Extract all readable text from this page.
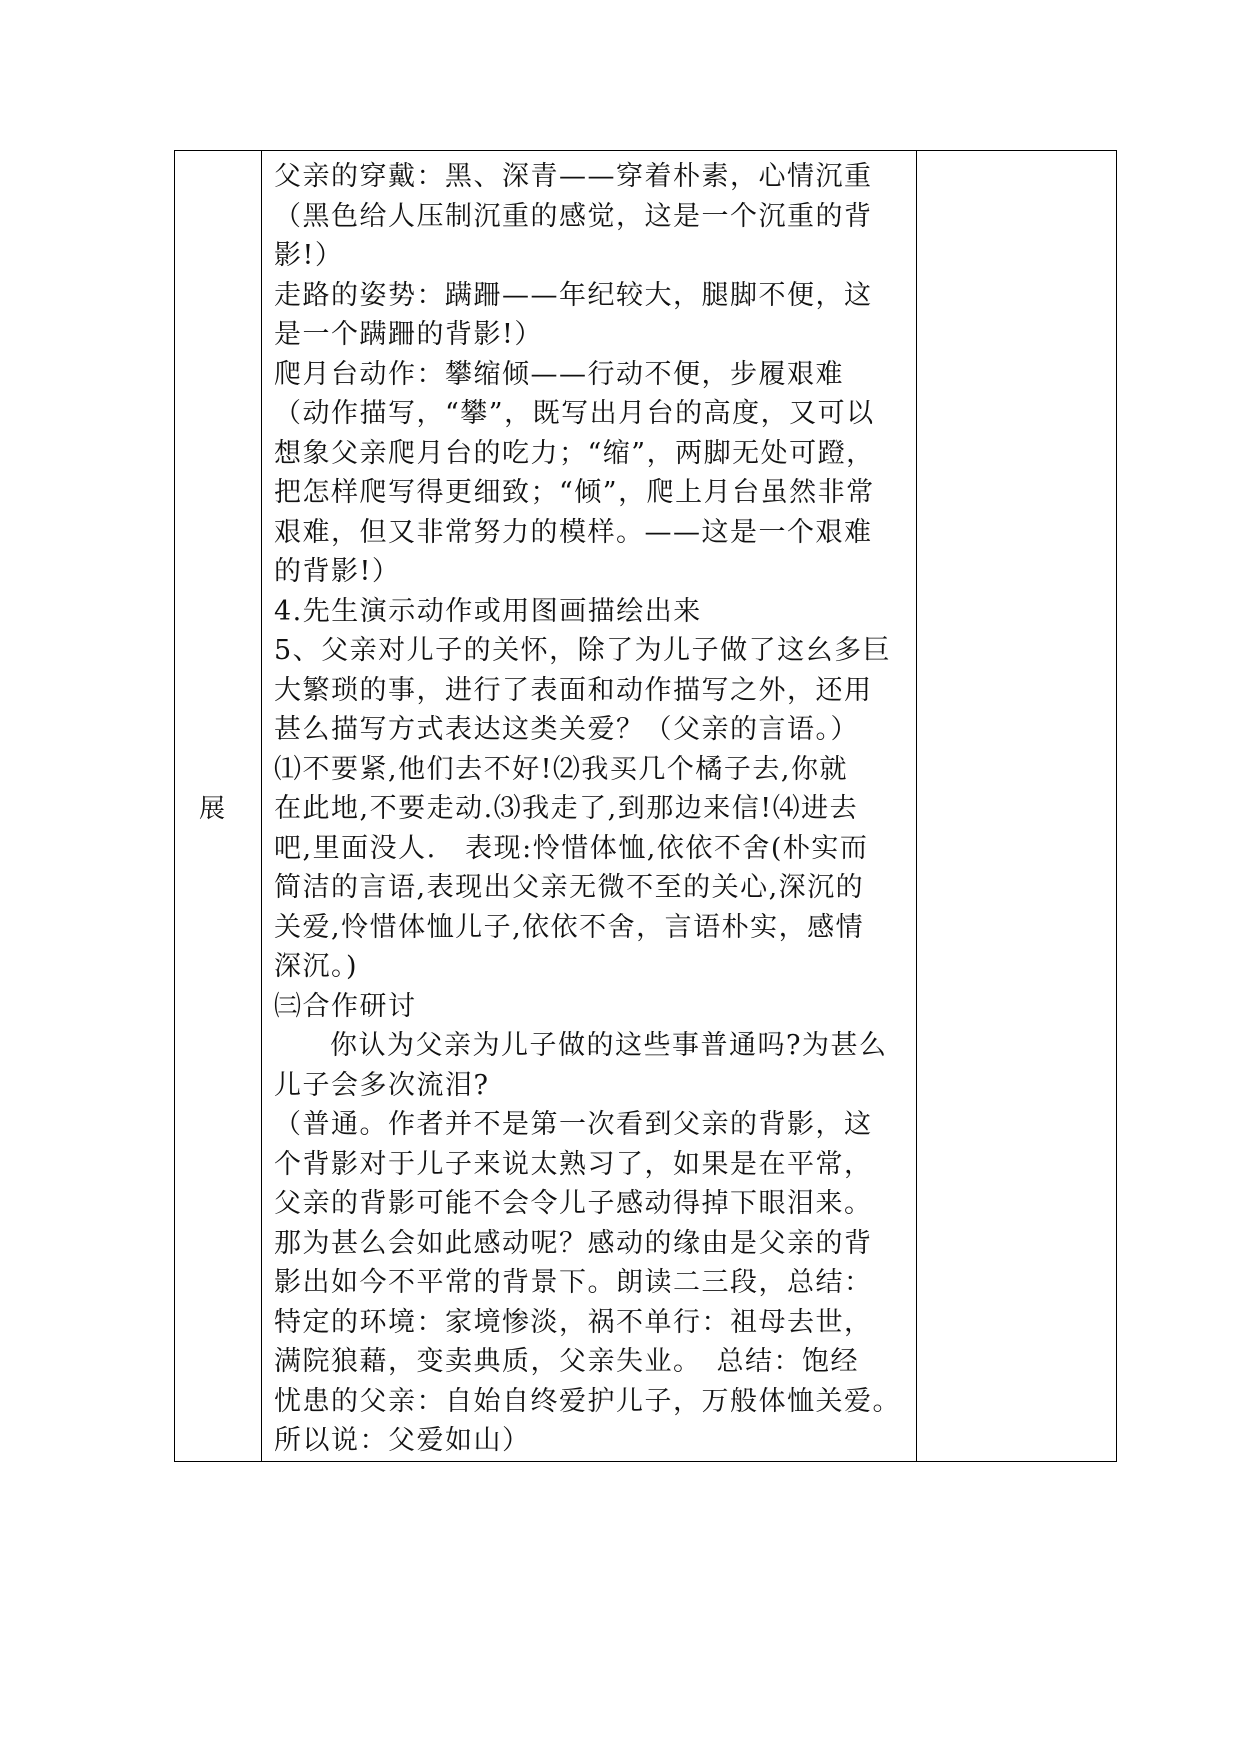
展

父亲的穿戴：黑、深青——穿着朴素，心情沉重
（黑色给人压制沉重的感觉，这是一个沉重的背
影!）
走路的姿势：蹒跚——年纪较大，腿脚不便，这
是一个蹒跚的背影!）
爬月台动作：攀缩倾——行动不便，步履艰难
（动作描写，“攀”，既写出月台的高度，又可以
想象父亲爬月台的吃力；“缩”，两脚无处可蹬，
把怎样爬写得更细致；“倾”，爬上月台虽然非常
艰难，但又非常努力的模样。——这是一个艰难
的背影!）
4.先生演示动作或用图画描绘出来
5、父亲对儿子的关怀，除了为儿子做了这幺多巨
大繁琐的事，进行了表面和动作描写之外，还用
甚么描写方式表达这类关爱？（父亲的言语。）
⑴不要紧,他们去不好!⑵我买几个橘子去,你就
在此地,不要走动.⑶我走了,到那边来信!⑷进去
吧,里面没人.　表现:怜惜体恤,依依不舍(朴实而
简洁的言语,表现出父亲无微不至的关心,深沉的
关爱,怜惜体恤儿子,依依不舍，言语朴实，感情
深沉。)
㈢合作研讨
你认为父亲为儿子做的这些事普通吗?为甚么
儿子会多次流泪?
（普通。作者并不是第一次看到父亲的背影，这
个背影对于儿子来说太熟习了，如果是在平常，
父亲的背影可能不会令儿子感动得掉下眼泪来。
那为甚么会如此感动呢？感动的缘由是父亲的背
影出如今不平常的背景下。朗读二三段，总结：
特定的环境：家境惨淡，祸不单行：祖母去世，
满院狼藉，变卖典质，父亲失业。　总结：饱经
忧患的父亲：自始自终爱护儿子，万般体恤关爱。
所以说：父爱如山）
